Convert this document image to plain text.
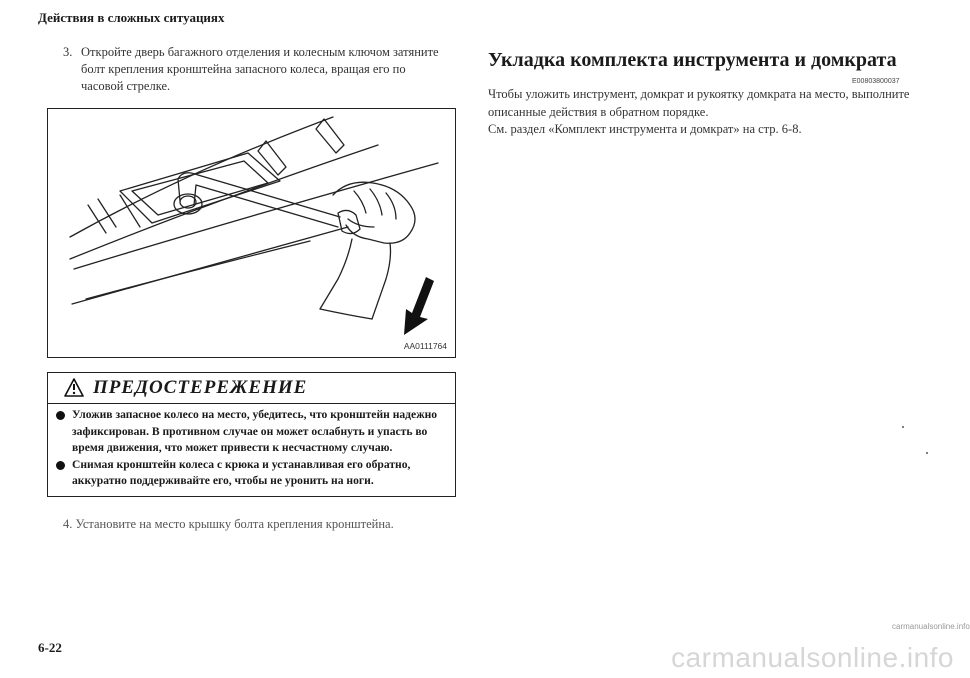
Действия в сложных ситуациях
3. Откройте дверь багажного отделения и колесным ключом затяните болт крепления кронштейна запасного колеса, вращая его по часовой стрелке.
AA0111764
ПРЕДОСТЕРЕЖЕНИЕ
Уложив запасное колесо на место, убедитесь, что кронштейн надежно зафиксирован. В противном случае он может ослабнуть и упасть во время движения, что может привести к несчастному случаю.
Снимая кронштейн колеса с крюка и устанавливая его обратно, аккуратно поддерживайте его, чтобы не уронить на ноги.
4. Установите на место крышку болта крепления кронштейна.
6-22
Укладка комплекта инструмента и домкрата
E00803800037
Чтобы уложить инструмент, домкрат и рукоятку домкрата на место, выполните описанные действия в обратном порядке.
См. раздел «Комплект инструмента и домкрат» на стр. 6-8.
carmanualsonline.info
carmanualsonline.info
